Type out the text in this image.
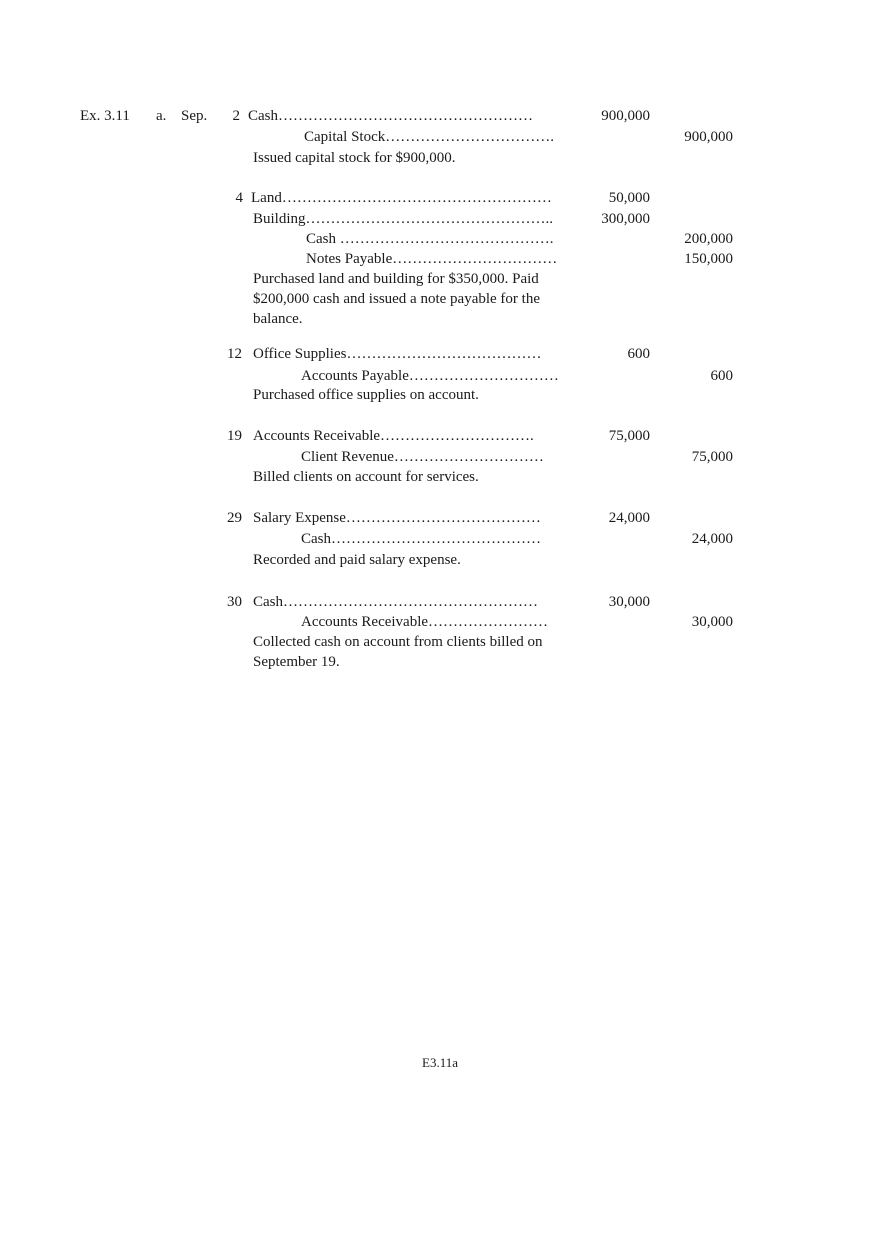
Ex. 3.11 a. Sep.	2 Cash……………………………………………	900,000
Capital Stock…………………………….	900,000
Issued capital stock for $900,000.
4 Land………………………………………………	50,000
Building…………………………………………..	300,000
Cash …………………………………….	200,000
Notes Payable……………………………	150,000
Purchased land and building for $350,000. Paid $200,000 cash and issued a note payable for the balance.
12 Office Supplies…………………………………	600
Accounts Payable…………………………	600
Purchased office supplies on account.
19 Accounts Receivable………………………….	75,000
Client Revenue…………………………	75,000
Billed clients on account for services.
29 Salary Expense…………………………………	24,000
Cash……………………………………	24,000
Recorded and paid salary expense.
30 Cash……………………………………………	30,000
Accounts Receivable……………………	30,000
Collected cash on account from clients billed on September 19.
E3.11a
